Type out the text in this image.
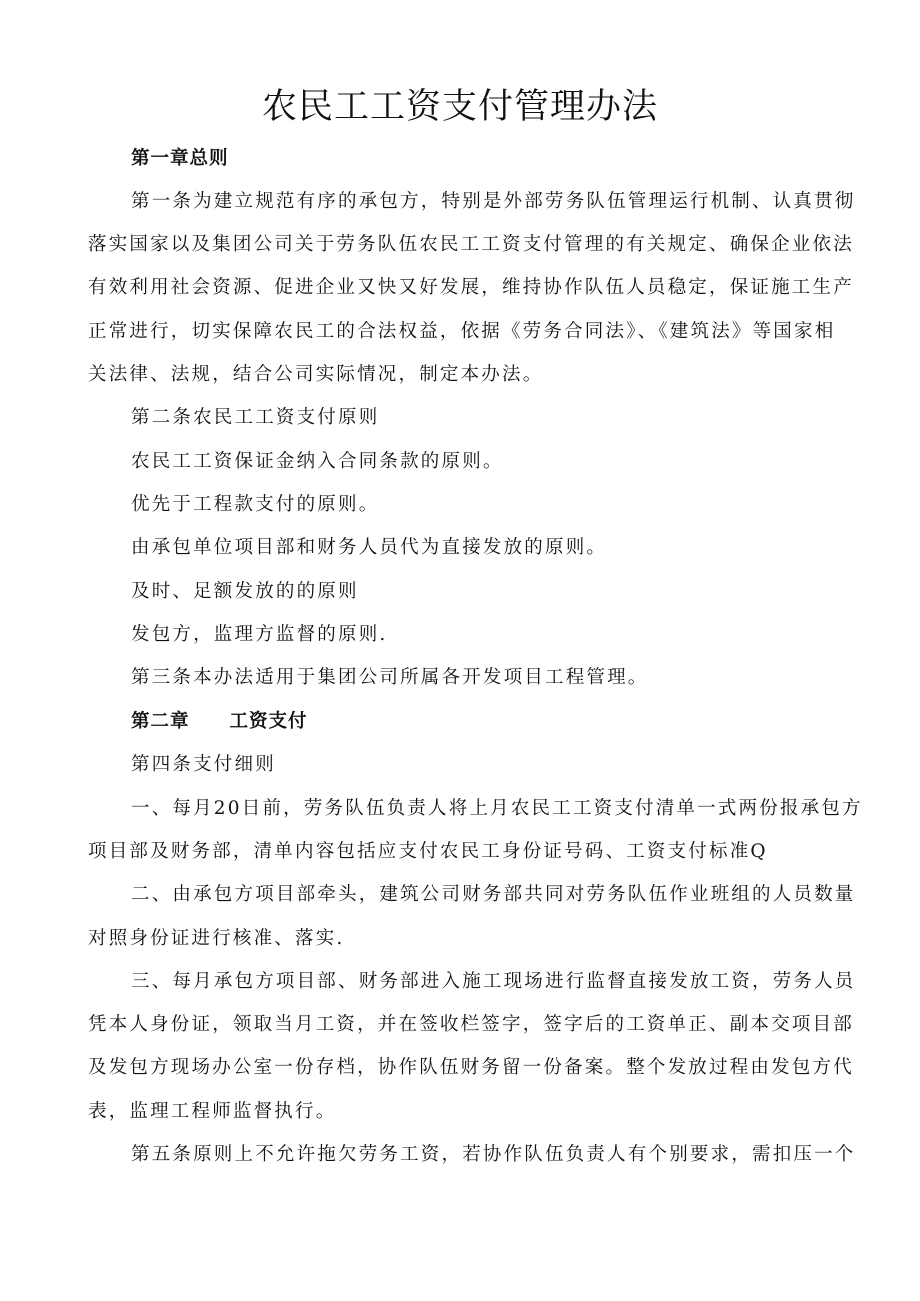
农民工工资支付管理办法
第一章总则
第一条为建立规范有序的承包方，特别是外部劳务队伍管理运行机制、认真贯彻
落实国家以及集团公司关于劳务队伍农民工工资支付管理的有关规定、确保企业依法
有效利用社会资源、促进企业又快又好发展，维持协作队伍人员稳定，保证施工生产
正常进行，切实保障农民工的合法权益，依据《劳务合同法》、《建筑法》等国家相
关法律、法规，结合公司实际情况，制定本办法。
第二条农民工工资支付原则
农民工工资保证金纳入合同条款的原则。
优先于工程款支付的原则。
由承包单位项目部和财务人员代为直接发放的原则。
及时、足额发放的的原则
发包方，监理方监督的原则.
第三条本办法适用于集团公司所属各开发项目工程管理。
第二章 工资支付
第四条支付细则
一、每月20日前，劳务队伍负责人将上月农民工工资支付清单一式两份报承包方
项目部及财务部，清单内容包括应支付农民工身份证号码、工资支付标准Q
二、由承包方项目部牵头，建筑公司财务部共同对劳务队伍作业班组的人员数量
对照身份证进行核准、落实.
三、每月承包方项目部、财务部进入施工现场进行监督直接发放工资，劳务人员
凭本人身份证，领取当月工资，并在签收栏签字，签字后的工资单正、副本交项目部
及发包方现场办公室一份存档，协作队伍财务留一份备案。整个发放过程由发包方代
表，监理工程师监督执行。
第五条原则上不允许拖欠劳务工资，若协作队伍负责人有个别要求，需扣压一个
